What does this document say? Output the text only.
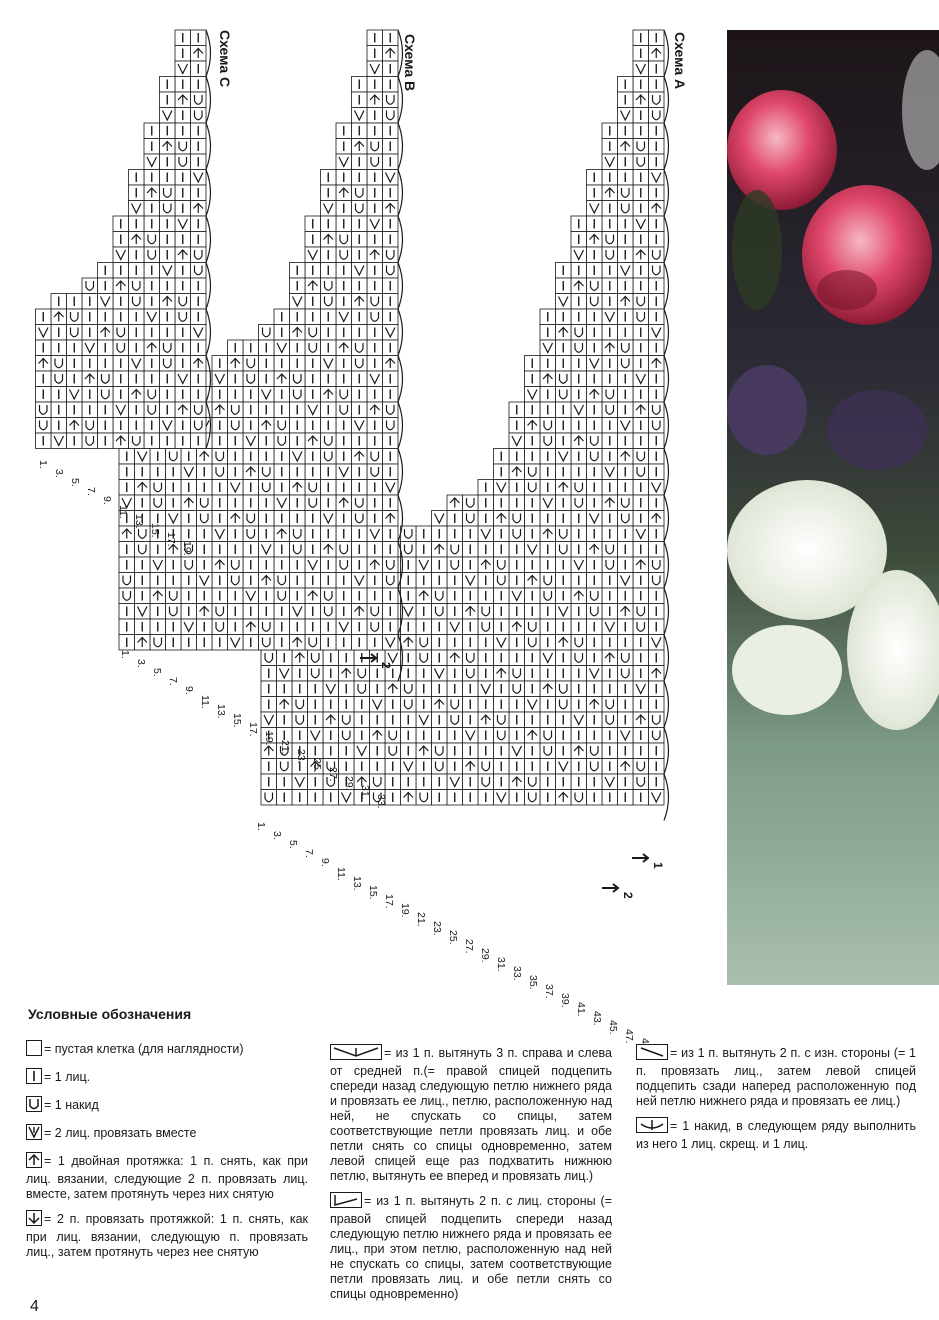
Схема А
Схема В
Схема С
1.
3.
5.
7.
9.
11.
13.
15.
17.
19.
21.
23.
25.
27.
29.
31.
33.
35.
37.
39.
41.
43.
45.
47.
1
2
1.
3.
5.
7.
9.
11.
13.
15.
17.
19.
21.
23.
25.
27.
29.
31.
33.
2
1.
3.
5.
7.
9.
11.
13.
15.
17.
19.
Условные обозначения
= пустая клетка (для наглядности)
= 1 лиц.
= 1 накид
= 2 лиц. провязать вместе
= 1 двойная протяжка: 1 п. снять, как при лиц. вязании, следующие 2 п. провязать лиц. вместе, затем протянуть через них снятую
= 2 п. провязать протяжкой: 1 п. снять, как при лиц. вязании, следующую п. провязать лиц., затем протянуть через нее снятую
= из 1 п. вытянуть 3 п. справа и слева от средней п.(= правой спицей подцепить спереди назад следующую петлю нижнего ряда и провязать ее лиц., петлю, расположенную над ней, не спускать со спицы, затем соответствующие петли провязать лиц. и обе петли снять со спицы одновременно, затем левой спицей еще раз подхватить нижнюю петлю, вытянуть ее вперед и провязать лиц.)
= из 1 п. вытянуть 2 п. с лиц. стороны (= правой спицей подцепить спереди назад следующую петлю нижнего ряда и провязать ее лиц., при этом петлю, расположенную над ней не спускать со спицы, затем соответствующие петли провязать лиц. и обе петли снять со спицы одновременно)
= из 1 п. вытянуть 2 п. с изн. стороны (= 1 п. провязать лиц., затем левой спицей подцепить сзади наперед расположенную под ней петлю нижнего ряда и провязать ее лиц.)
= 1 накид, в следующем ряду выполнить из него 1 лиц. скрещ. и 1 лиц.
4
